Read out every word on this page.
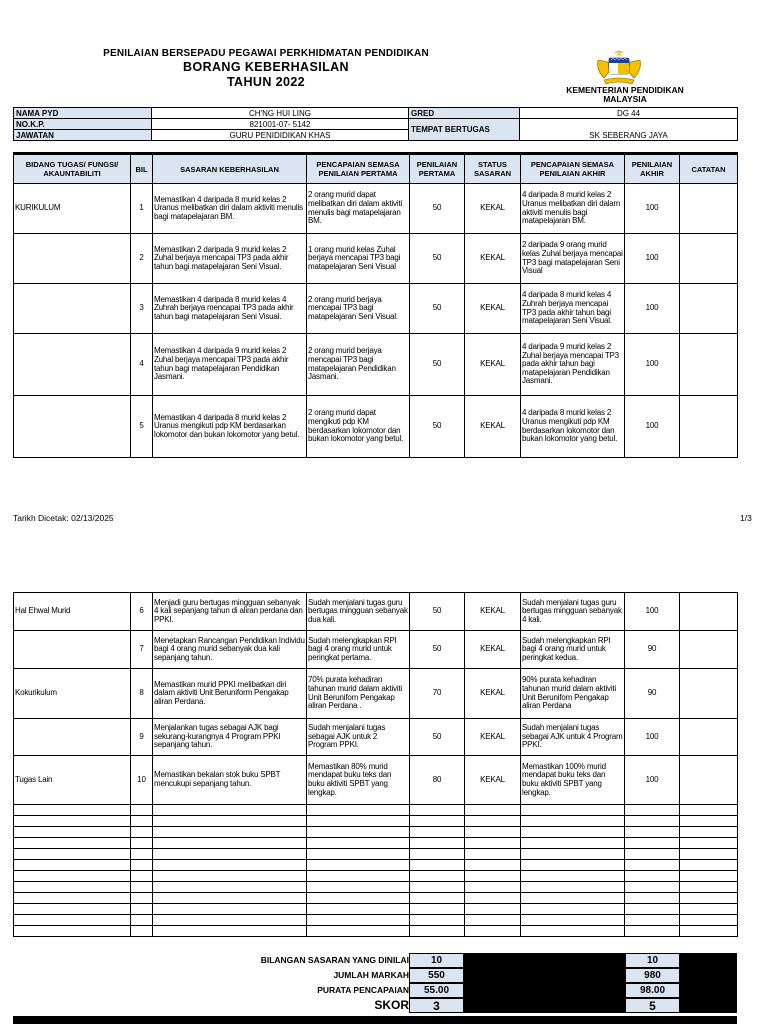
PENILAIAN BERSEPADU PEGAWAI PERKHIDMATAN PENDIDIKAN
BORANG KEBERHASILAN
TAHUN 2022
KEMENTERIAN PENDIDIKAN
MALAYSIA
NAMA PYD	CH'NG HUI LING	GRED	DG 44
NO.K.P.	821001-07- 5142	TEMPAT BERTUGAS	SK SEBERANG JAYA
JAWATAN	GURU PENIDIDIKAN KHAS		
BIDANG TUGAS/ FUNGSI/ AKAUNTABILITI	BIL	SASARAN KEBERHASILAN	PENCAPAIAN SEMASA PENILAIAN PERTAMA	PENILAIAN PERTAMA	STATUS SASARAN	PENCAPAIAN SEMASA PENILAIAN AKHIR	PENILAIAN AKHIR	CATATAN
KURIKULUM	1	Memastikan 4 daripada 8 murid kelas 2 Uranus melibatkan diri dalam aktiviti menulis bagi matapelajaran BM.	2 orang murid dapat melibatkan diri dalam aktiviti menulis bagi matapelajaran BM.	50	KEKAL	4 daripada 8 murid kelas 2 Uranus melibatkan diri dalam aktiviti menulis bagi matapelajaran BM.	100	
	2	Memastikan 2 daripada 9 murid kelas 2 Zuhal berjaya mencapai TP3 pada akhir tahun bagi matapelajaran Seni Visual.	1 orang murid kelas Zuhal berjaya mencapai TP3 bagi matapelajaran Seni Visual	50	KEKAL	2 daripada 9 orang murid kelas Zuhal berjaya mencapai TP3 bagi matapelajaran Seni Visual	100	
	3	Memastikan 4 daripada 8 murid kelas 4 Zuhrah berjaya mencapai TP3 pada akhir tahun bagi matapelajaran Seni Visual.	2 orang murid berjaya mencapai TP3 bagi matapelajaran Seni Visual.	50	KEKAL	4 daripada 8 murid kelas 4 Zuhrah berjaya mencapai TP3 pada akhir tahun bagi matapelajaran Seni Visual.	100	
	4	Memastikan 4 daripada 9 murid kelas 2 Zuhal berjaya mencapai TP3 pada akhir tahun bagi matapelajaran Pendidikan Jasmani.	2 orang murid berjaya mencapai TP3 bagi matapelajaran Pendidikan Jasmani.	50	KEKAL	4 daripada 9 murid kelas 2 Zuhal berjaya mencapai TP3 pada akhir tahun bagi matapelajaran Pendidikan Jasmani.	100	
	5	Memastikan 4 daripada 8 murid kelas 2 Uranus mengikuti pdp KM berdasarkan lokomotor dan bukan lokomotor yang betul.	2 orang murid dapat mengikuti pdp KM berdasarkan lokomotor dan bukan lokomotor yang betul.	50	KEKAL	4 daripada 8 murid kelas 2 Uranus mengikuti pdp KM berdasarkan lokomotor dan bukan lokomotor yang betul.	100	
Tarikh Dicetak: 02/13/2025	1/3
Hal Ehwal Murid	6	Menjadi guru bertugas mingguan sebanyak 4 kali sepanjang tahun di aliran perdana dan PPKI.	Sudah menjalani tugas guru bertugas mingguan sebanyak dua kali.	50	KEKAL	Sudah menjalani tugas guru bertugas mingguan sebanyak 4 kali.	100	
	7	Menetapkan Rancangan Pendidikan Individu bagi 4 orang murid sebanyak dua kali sepanjang tahun.	Sudah melengkapkan RPI bagi 4 orang murid untuk peringkat pertama.	50	KEKAL	Sudah melengkapkan RPI bagi 4 orang murid untuk peringkat kedua.	90	
Kokurikulum	8	Memastikan murid PPKI melibatkan diri dalam aktiviti Unit Beruniform Pengakap aliran Perdana.	70% purata kehadiran tahunan murid dalam aktiviti Unit Berunifom Pengakap aliran Perdana .	70	KEKAL	90% purata kehadiran tahunan murid dalam aktiviti Unit Berunifom Pengakap aliran Perdana	90	
	9	Menjalankan tugas sebagai AJK bagi sekurang-kurangnya 4 Program PPKI sepanjang tahun.	Sudah menjalani tugas sebagai AJK untuk 2 Program PPKI.	50	KEKAL	Sudah menjalani tugas sebagai AJK untuk 4 Program PPKI.	100	
Tugas Lain	10	Memastikan bekalan stok buku SPBT mencukupi sepanjang tahun.	Memastikan 80% murid mendapat buku teks dan buku aktiviti SPBT yang lengkap.	80	KEKAL	Memastikan 100% murid mendapat buku teks dan buku aktiviti SPBT yang lengkap.	100	

BILANGAN SASARAN YANG DINILAI	10	10
JUMLAH MARKAH	550	980
PURATA PENCAPAIAN	55.00	98.00
SKOR	3	5
